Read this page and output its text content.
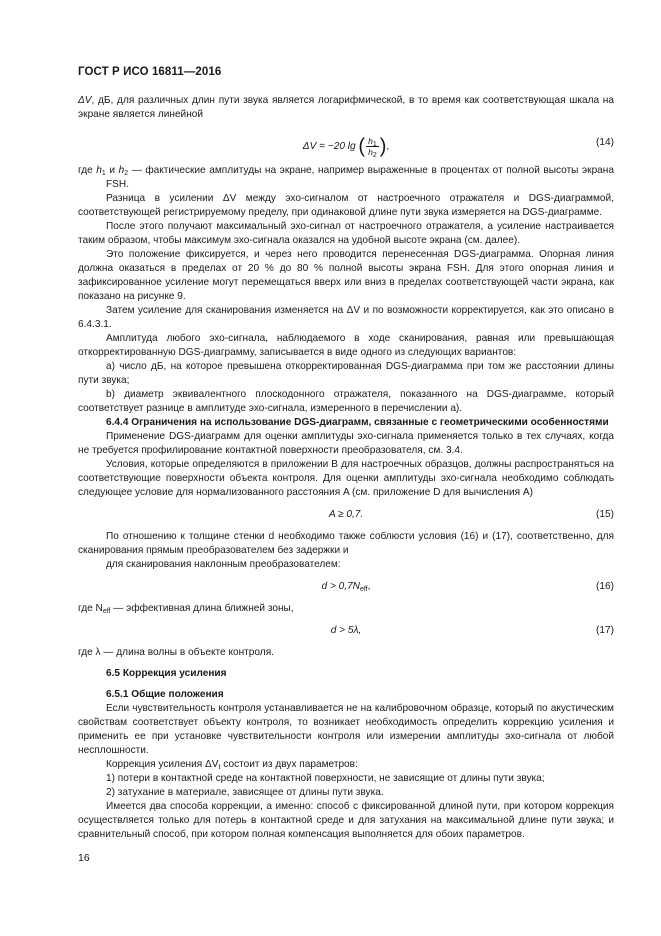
ГОСТ Р ИСО 16811—2016

ΔV, дБ, для различных длин пути звука является логарифмической, в то время как соответствующая шкала на экране является линейной

ΔV = −20 lg ( $\frac{h_1}{h_2}$ ),	(14)

где $h_1$ и $h_2$ — фактические амплитуды на экране, например выраженные в процентах от полной высоты экрана FSH.

Разница в усилении ΔV между эхо-сигналом от настроечного отражателя и DGS-диаграммой, соответствующей регистрируемому пределу, при одинаковой длине пути звука измеряется на DGS-диаграмме.

После этого получают максимальный эхо-сигнал от настроечного отражателя, а усиление настраивается таким образом, чтобы максимум эхо-сигнала оказался на удобной высоте экрана (см. далее).

Это положение фиксируется, и через него проводится перенесенная DGS-диаграмма. Опорная линия должна оказаться в пределах от 20 % до 80 % полной высоты экрана FSH. Для этого опорная линия и зафиксированное усиление могут перемещаться вверх или вниз в пределах соответствующей части экрана, как показано на рисунке 9.

Затем усиление для сканирования изменяется на ΔV и по возможности корректируется, как это описано в 6.4.3.1.

Амплитуда любого эхо-сигнала, наблюдаемого в ходе сканирования, равная или превышающая откорректированную DGS-диаграмму, записывается в виде одного из следующих вариантов:

a) число дБ, на которое превышена откорректированная DGS-диаграмма при том же расстоянии длины пути звука;

b) диаметр эквивалентного плоскодонного отражателя, показанного на DGS-диаграмме, который соответствует разнице в амплитуде эхо-сигнала, измеренного в перечислении a).

6.4.4 Ограничения на использование DGS-диаграмм, связанные с геометрическими особенностями

Применение DGS-диаграмм для оценки амплитуды эхо-сигнала применяется только в тех случаях, когда не требуется профилирование контактной поверхности преобразователя, см. 3.4.

Условия, которые определяются в приложении В для настроечных образцов, должны распространяться на соответствующие поверхности объекта контроля. Для оценки амплитуды эхо-сигнала необходимо соблюдать следующее условие для нормализованного расстояния A (см. приложение D для вычисления A)

A ≥ 0,7.	(15)

По отношению к толщине стенки d необходимо также соблюсти условия (16) и (17), соответственно, для сканирования прямым преобразователем без задержки и

для сканирования наклонным преобразователем:

$d > 0,7N_{eff}$,	(16)

где $N_{eff}$ — эффективная длина ближней зоны,

d > 5λ,	(17)

где λ — длина волны в объекте контроля.

6.5 Коррекция усиления

6.5.1 Общие положения

Если чувствительность контроля устанавливается не на калибровочном образце, который по акустическим свойствам соответствует объекту контроля, то возникает необходимость определить коррекцию усиления и применить ее при установке чувствительности контроля или измерении амплитуды эхо-сигнала от любой несплошности.

Коррекция усиления $\Delta V_t$ состоит из двух параметров:

1) потери в контактной среде на контактной поверхности, не зависящие от длины пути звука;

2) затухание в материале, зависящее от длины пути звука.

Имеется два способа коррекции, а именно: способ с фиксированной длиной пути, при котором коррекция осуществляется только для потерь в контактной среде и для затухания на максимальной длине пути звука; и сравнительный способ, при котором полная компенсация выполняется для обоих параметров.

16
